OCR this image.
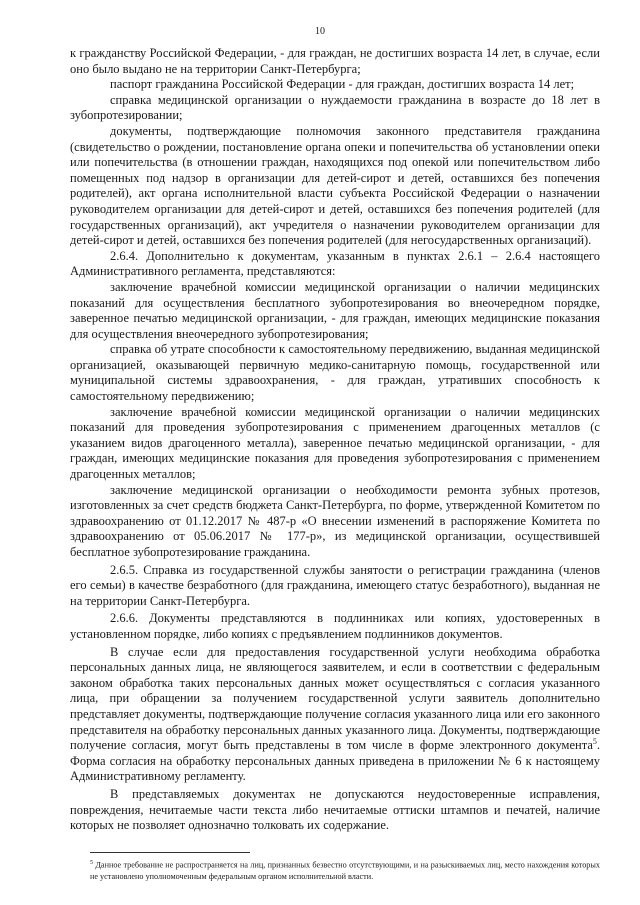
10

к гражданству Российской Федерации, - для граждан, не достигших возраста 14 лет, в случае, если оно было выдано не на территории Санкт-Петербурга;

паспорт гражданина Российской Федерации - для граждан, достигших возраста 14 лет;

справка медицинской организации о нуждаемости гражданина в возрасте до 18 лет в зубопротезировании;

документы, подтверждающие полномочия законного представителя гражданина (свидетельство о рождении, постановление органа опеки и попечительства об установлении опеки или попечительства (в отношении граждан, находящихся под опекой или попечительством либо помещенных под надзор в организации для детей-сирот и детей, оставшихся без попечения родителей), акт органа исполнительной власти субъекта Российской Федерации о назначении руководителем организации для детей-сирот и детей, оставшихся без попечения родителей (для государственных организаций), акт учредителя о назначении руководителем организации для детей-сирот и детей, оставшихся без попечения родителей (для негосударственных организаций).

2.6.4. Дополнительно к документам, указанным в пунктах 2.6.1 – 2.6.4 настоящего Административного регламента, представляются:

заключение врачебной комиссии медицинской организации о наличии медицинских показаний для осуществления бесплатного зубопротезирования во внеочередном порядке, заверенное печатью медицинской организации, - для граждан, имеющих медицинские показания для осуществления внеочередного зубопротезирования;

справка об утрате способности к самостоятельному передвижению, выданная медицинской организацией, оказывающей первичную медико-санитарную помощь, государственной или муниципальной системы здравоохранения, - для граждан, утративших способность к самостоятельному передвижению;

заключение врачебной комиссии медицинской организации о наличии медицинских показаний для проведения зубопротезирования с применением драгоценных металлов (с указанием видов драгоценного металла), заверенное печатью медицинской организации, - для граждан, имеющих медицинские показания для проведения зубопротезирования с применением драгоценных металлов;

заключение медицинской организации о необходимости ремонта зубных протезов, изготовленных за счет средств бюджета Санкт-Петербурга, по форме, утвержденной Комитетом по здравоохранению от 01.12.2017 № 487-р «О внесении изменений в распоряжение Комитета по здравоохранению от 05.06.2017 № 177-р», из медицинской организации, осуществившей бесплатное зубопротезирование гражданина.

2.6.5. Справка из государственной службы занятости о регистрации гражданина (членов его семьи) в качестве безработного (для гражданина, имеющего статус безработного), выданная не на территории Санкт-Петербурга.

2.6.6. Документы представляются в подлинниках или копиях, удостоверенных в установленном порядке, либо копиях с предъявлением подлинников документов.

В случае если для предоставления государственной услуги необходима обработка персональных данных лица, не являющегося заявителем, и если в соответствии с федеральным законом обработка таких персональных данных может осуществляться с согласия указанного лица, при обращении за получением государственной услуги заявитель дополнительно представляет документы, подтверждающие получение согласия указанного лица или его законного представителя на обработку персональных данных указанного лица. Документы, подтверждающие получение согласия, могут быть представлены в том числе в форме электронного документа$^5$. Форма согласия на обработку персональных данных приведена в приложении № 6 к настоящему Административному регламенту.

В представляемых документах не допускаются неудостоверенные исправления, повреждения, нечитаемые части текста либо нечитаемые оттиски штампов и печатей, наличие которых не позволяет однозначно толковать их содержание.

$^5$ Данное требование не распространяется на лиц, признанных безвестно отсутствующими, и на разыскиваемых лиц, место нахождения которых не установлено уполномоченным федеральным органом исполнительной власти.
